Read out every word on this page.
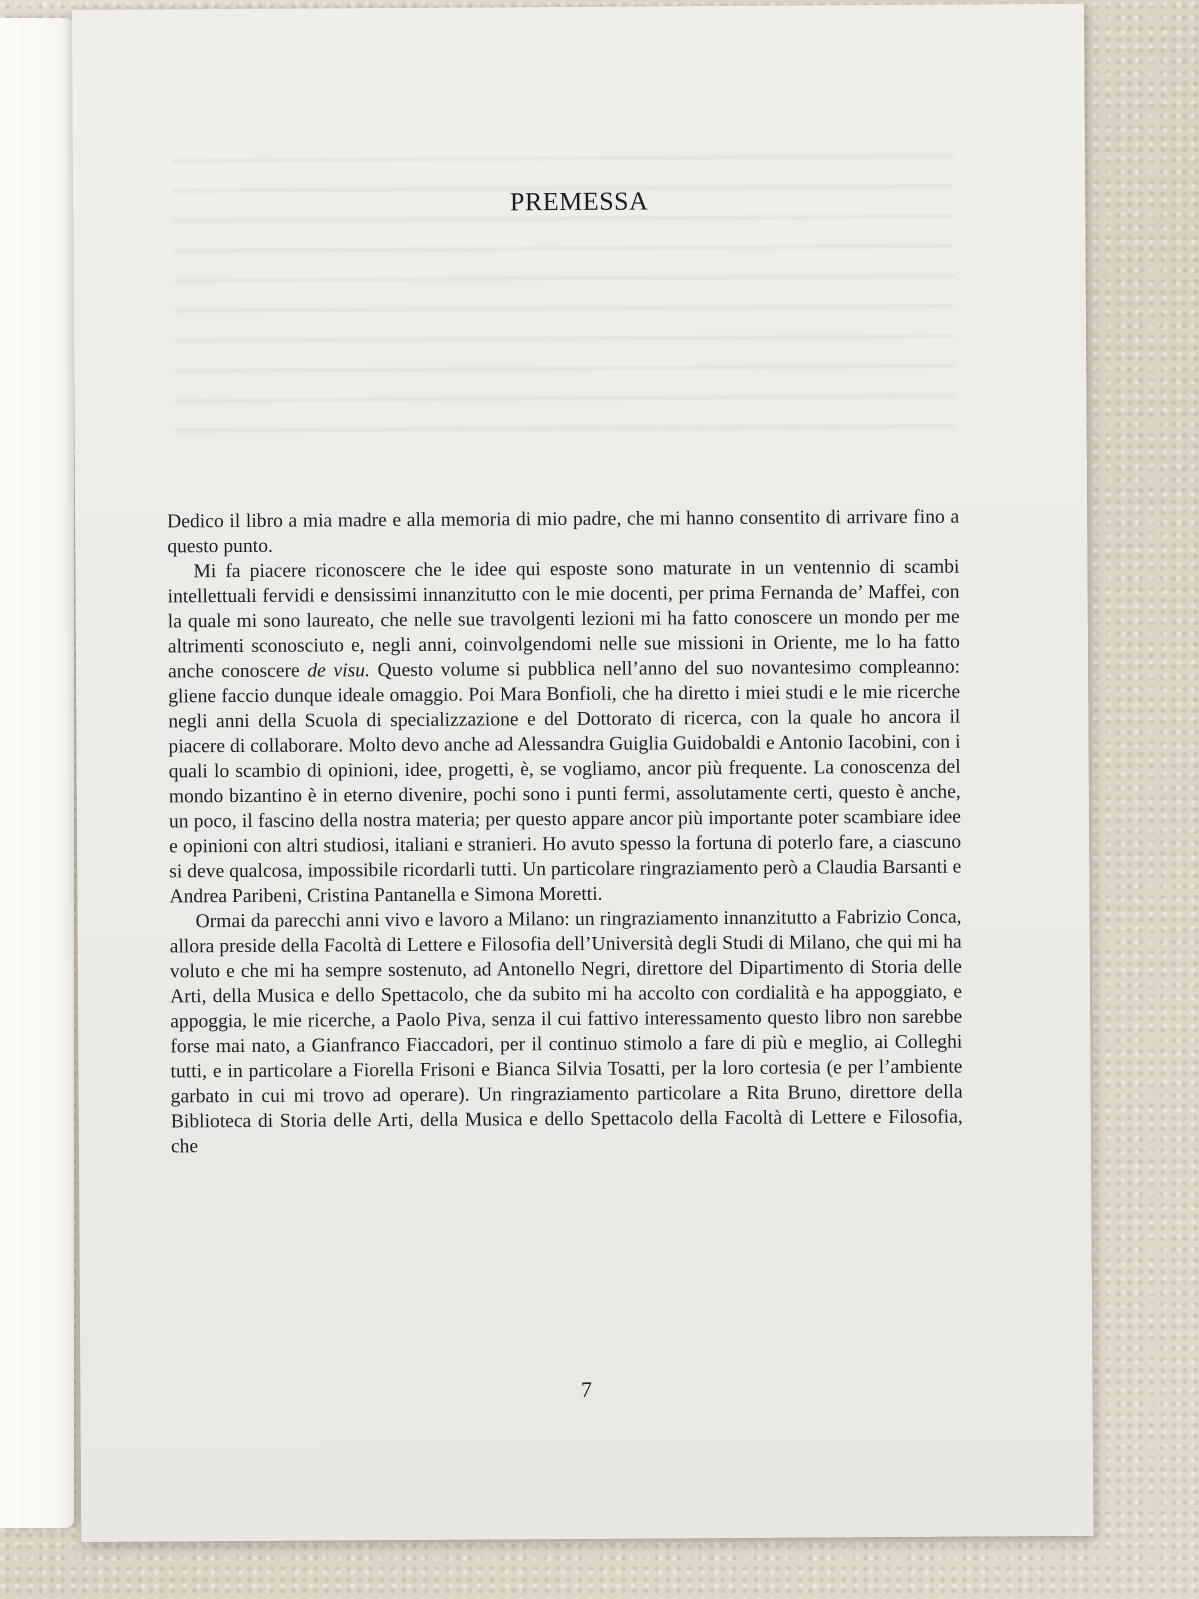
PREMESSA

Dedico il libro a mia madre e alla memoria di mio padre, che mi hanno consentito di arrivare fino a questo punto.

Mi fa piacere riconoscere che le idee qui esposte sono maturate in un ventennio di scambi intellettuali fervidi e densissimi innanzitutto con le mie docenti, per prima Fernanda de’ Maffei, con la quale mi sono laureato, che nelle sue travolgenti lezioni mi ha fatto conoscere un mondo per me altrimenti sconosciuto e, negli anni, coinvolgendomi nelle sue missioni in Oriente, me lo ha fatto anche conoscere de visu. Questo volume si pubblica nell’anno del suo novantesimo compleanno: gliene faccio dunque ideale omaggio. Poi Mara Bonfioli, che ha diretto i miei studi e le mie ricerche negli anni della Scuola di specializzazione e del Dottorato di ricerca, con la quale ho ancora il piacere di collaborare. Molto devo anche ad Alessandra Guiglia Guidobaldi e Antonio Iacobini, con i quali lo scambio di opinioni, idee, progetti, è, se vogliamo, ancor più frequente. La conoscenza del mondo bizantino è in eterno divenire, pochi sono i punti fermi, assolutamente certi, questo è anche, un poco, il fascino della nostra materia; per questo appare ancor più importante poter scambiare idee e opinioni con altri studiosi, italiani e stranieri. Ho avuto spesso la fortuna di poterlo fare, a ciascuno si deve qualcosa, impossibile ricordarli tutti. Un particolare ringraziamento però a Claudia Barsanti e Andrea Paribeni, Cristina Pantanella e Simona Moretti.

Ormai da parecchi anni vivo e lavoro a Milano: un ringraziamento innanzitutto a Fabrizio Conca, allora preside della Facoltà di Lettere e Filosofia dell’Università degli Studi di Milano, che qui mi ha voluto e che mi ha sempre sostenuto, ad Antonello Negri, direttore del Dipartimento di Storia delle Arti, della Musica e dello Spettacolo, che da subito mi ha accolto con cordialità e ha appoggiato, e appoggia, le mie ricerche, a Paolo Piva, senza il cui fattivo interessamento questo libro non sarebbe forse mai nato, a Gianfranco Fiaccadori, per il continuo stimolo a fare di più e meglio, ai Colleghi tutti, e in particolare a Fiorella Frisoni e Bianca Silvia Tosatti, per la loro cortesia (e per l’ambiente garbato in cui mi trovo ad operare). Un ringraziamento particolare a Rita Bruno, direttore della Biblioteca di Storia delle Arti, della Musica e dello Spettacolo della Facoltà di Lettere e Filosofia, che

7
